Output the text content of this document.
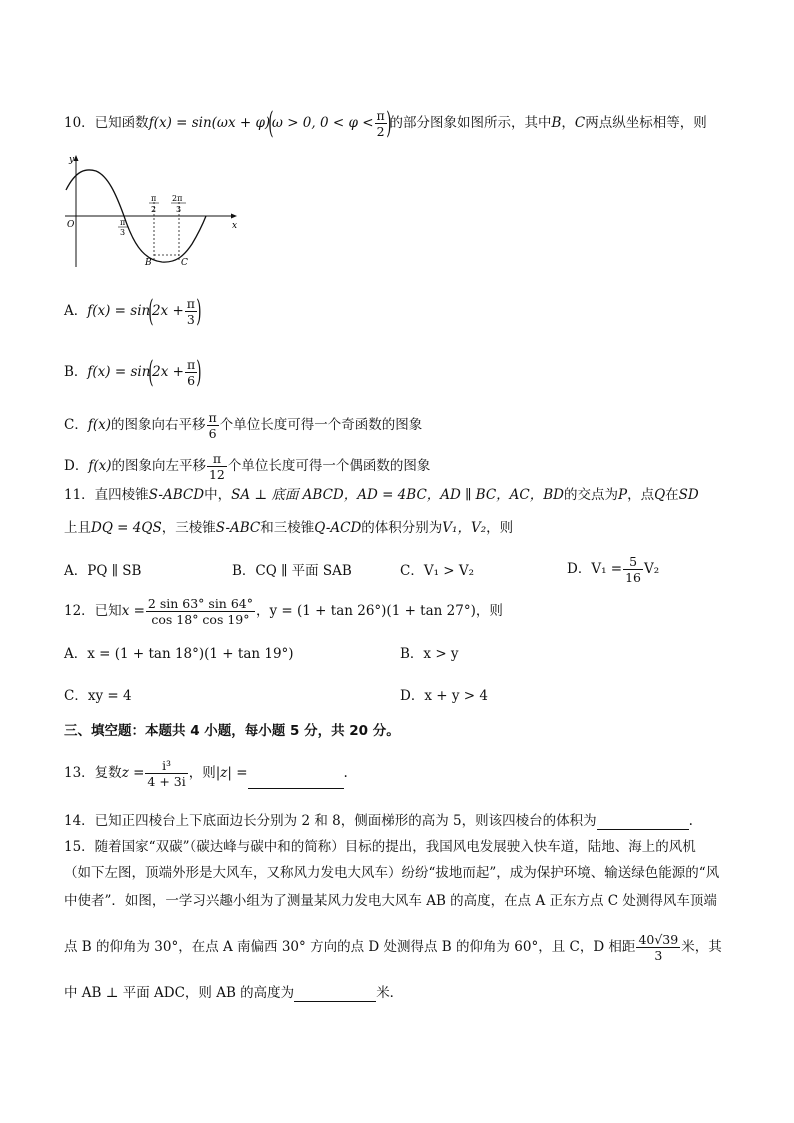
10．已知函数f(x) = sin(ωx + φ)(ω > 0, $0 < \varphi < \frac{\pi}{2}$ )的部分图象如图所示，其中B，C两点纵坐标相等，则
y
x
O	π
3
π
2
2π
3
B	C
A．$f(x) = \sin(2x + \frac{\pi}{3}$ )
B．$f(x) = \sin(2x + \frac{\pi}{6}$ )
C．f(x)的图象向右平移 $\frac{\pi}{6}$ 个单位长度可得一个奇函数的图象
D．f(x)的图象向左平移 $\frac{\pi}{12}$ 个单位长度可得一个偶函数的图象
11．直四棱锥S-ABCD中，SA ⊥ 底面 ABCD，AD = 4BC，AD ∥ BC，AC，BD的交点为P，点Q在SD
上且DQ = 4QS，三棱锥S-ABC和三棱锥Q-ACD的体积分别为V₁，V₂，则
A．PQ ∥ SB	B．CQ ∥ 平面 SAB	C．V₁ > V₂	D．$V_1 = \frac{5}{16} V_2$
12．已知$x = \frac{2 \sin 63^\circ \sin 64^\circ}{\cos 18^\circ \cos 19^\circ}$ ，y = (1 + tan 26°)(1 + tan 27°)，则
A．x = (1 + tan 18°)(1 + tan 19°)	B．x > y
C．xy = 4	D．x + y > 4
三、填空题：本题共 4 小题，每小题 5 分，共 20 分。
13．复数$z = \frac{\text{i³}}{4 + 3i}$ ，则|z| =	.
14．已知正四棱台上下底面边长分别为 2 和 8，侧面梯形的高为 5，则该四棱台的体积为	.
15．随着国家“双碳”（碳达峰与碳中和的简称）目标的提出，我国风电发展驶入快车道，陆地、海上的风机
（如下左图，顶端外形是大风车，又称风力发电大风车）纷纷“拔地而起”，成为保护环境、输送绿色能源的“风
中使者”．如图，一学习兴趣小组为了测量某风力发电大风车 AB 的高度，在点 A 正东方点 C 处测得风车顶端
点 B 的仰角为 30°，在点 A 南偏西 30° 方向的点 D 处测得点 B 的仰角为 60°，且 C，D 相距 $\frac{40√39}{3}$ 米，其
中 AB ⊥ 平面 ADC，则 AB 的高度为	米．
